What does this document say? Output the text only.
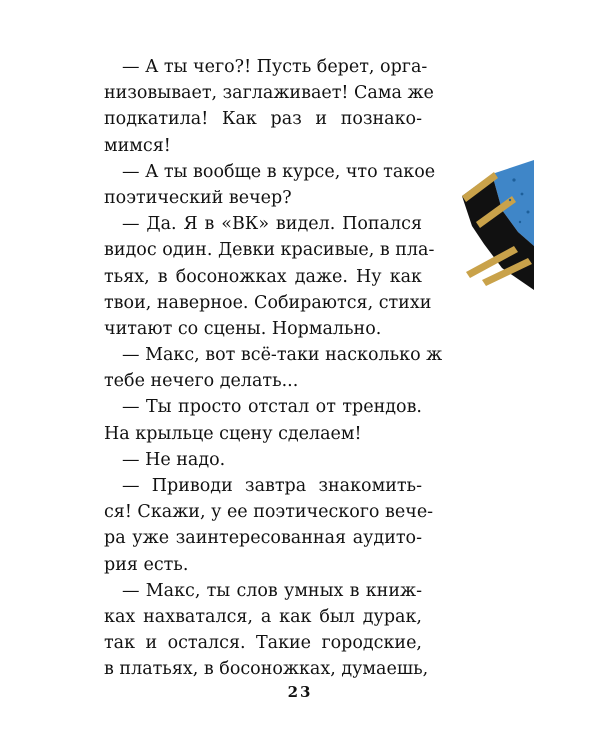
— А ты чего?! Пусть берет, орга-
низовывает, заглаживает! Сама же
подкатила! Как раз и познако-
мимся!
— А ты вообще в курсе, что такое
поэтический вечер?
— Да. Я в «ВК» видел. Попался
видос один. Девки красивые, в пла-
тьях, в босоножках даже. Ну как
твои, наверное. Собираются, стихи
читают со сцены. Нормально.
— Макс, вот всё-таки насколько ж
тебе нечего делать...
— Ты просто отстал от трендов.
На крыльце сцену сделаем!
— Не надо.
— Приводи завтра знакомить-
ся! Скажи, у ее поэтического вече-
ра уже заинтересованная аудито-
рия есть.
— Макс, ты слов умных в книж-
ках нахватался, а как был дурак,
так и остался. Такие городские,
в платьях, в босоножках, думаешь,
23
